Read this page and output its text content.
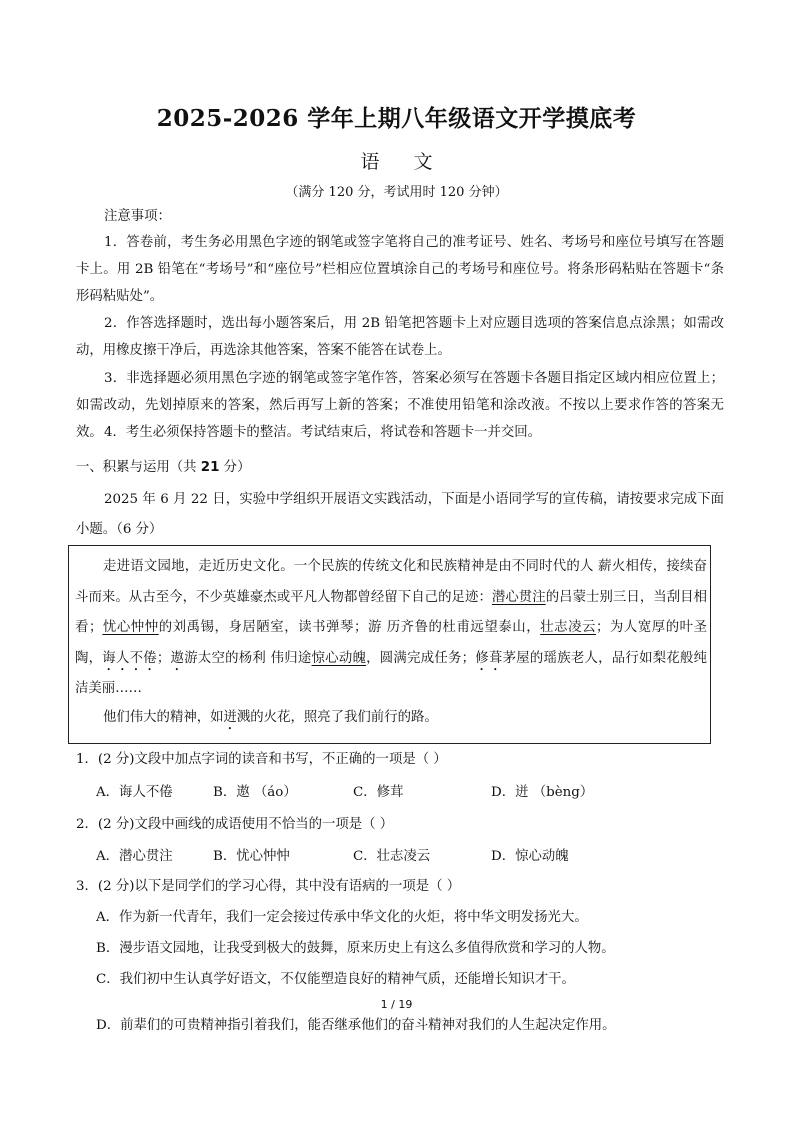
2025-2026 学年上期八年级语文开学摸底考
语 文
（满分 120 分，考试用时 120 分钟）
注意事项：
1．答卷前，考生务必用黑色字迹的钢笔或签字笔将自己的准考证号、姓名、考场号和座位号填写在答题卡上。用 2B 铅笔在“考场号”和“座位号”栏相应位置填涂自己的考场号和座位号。将条形码粘贴在答题卡“条形码粘贴处”。
2．作答选择题时，选出每小题答案后，用 2B 铅笔把答题卡上对应题目选项的答案信息点涂黑；如需改动，用橡皮擦干净后，再选涂其他答案，答案不能答在试卷上。
3．非选择题必须用黑色字迹的钢笔或签字笔作答，答案必须写在答题卡各题目指定区域内相应位置上；如需改动，先划掉原来的答案，然后再写上新的答案；不准使用铅笔和涂改液。不按以上要求作答的答案无效。 4．考生必须保持答题卡的整洁。考试结束后，将试卷和答题卡一并交回。
一、积累与运用（共 21 分）
2025 年 6 月 22 日，实验中学组织开展语文实践活动，下面是小语同学写的宣传稿，请按要求完成下面小题。（6 分）
走进语文园地，走近历史文化。一个民族的传统文化和民族精神是由不同时代的人 薪火相传，接续奋斗而来。从古至今，不少英雄豪杰或平凡人物都曾经留下自己的足迹：潜心贯注的吕蒙士别三日，当刮目相看；忧心忡忡的刘禹锡，身居陋室，读书弹琴；游 历齐鲁的杜甫远望泰山，壮志凌云；为人宽厚的叶圣陶，诲人不倦；遨游太空的杨利 伟归途惊心动魄，圆满完成任务；修葺茅屋的瑶族老人，品行如梨花般纯洁美丽……
他们伟大的精神，如迸溅的火花，照亮了我们前行的路。
1．(2 分)文段中加点字词的读音和书写，不正确的一项是（ ）
A．诲人不倦	B．遨 （áo）	C．修茸	D．迸 （bèng）
2．(2 分)文段中画线的成语使用不恰当的一项是（ ）
A．潜心贯注	B．忧心忡忡	C．壮志凌云	D．惊心动魄
3．(2 分)以下是同学们的学习心得，其中没有语病的一项是（ ）
A．作为新一代青年，我们一定会接过传承中华文化的火炬，将中华文明发扬光大。
B．漫步语文园地，让我受到极大的鼓舞，原来历史上有这么多值得欣赏和学习的人物。
C．我们初中生认真学好语文，不仅能塑造良好的精神气质，还能增长知识才干。
1 / 19
D．前辈们的可贵精神指引着我们，能否继承他们的奋斗精神对我们的人生起决定作用。
